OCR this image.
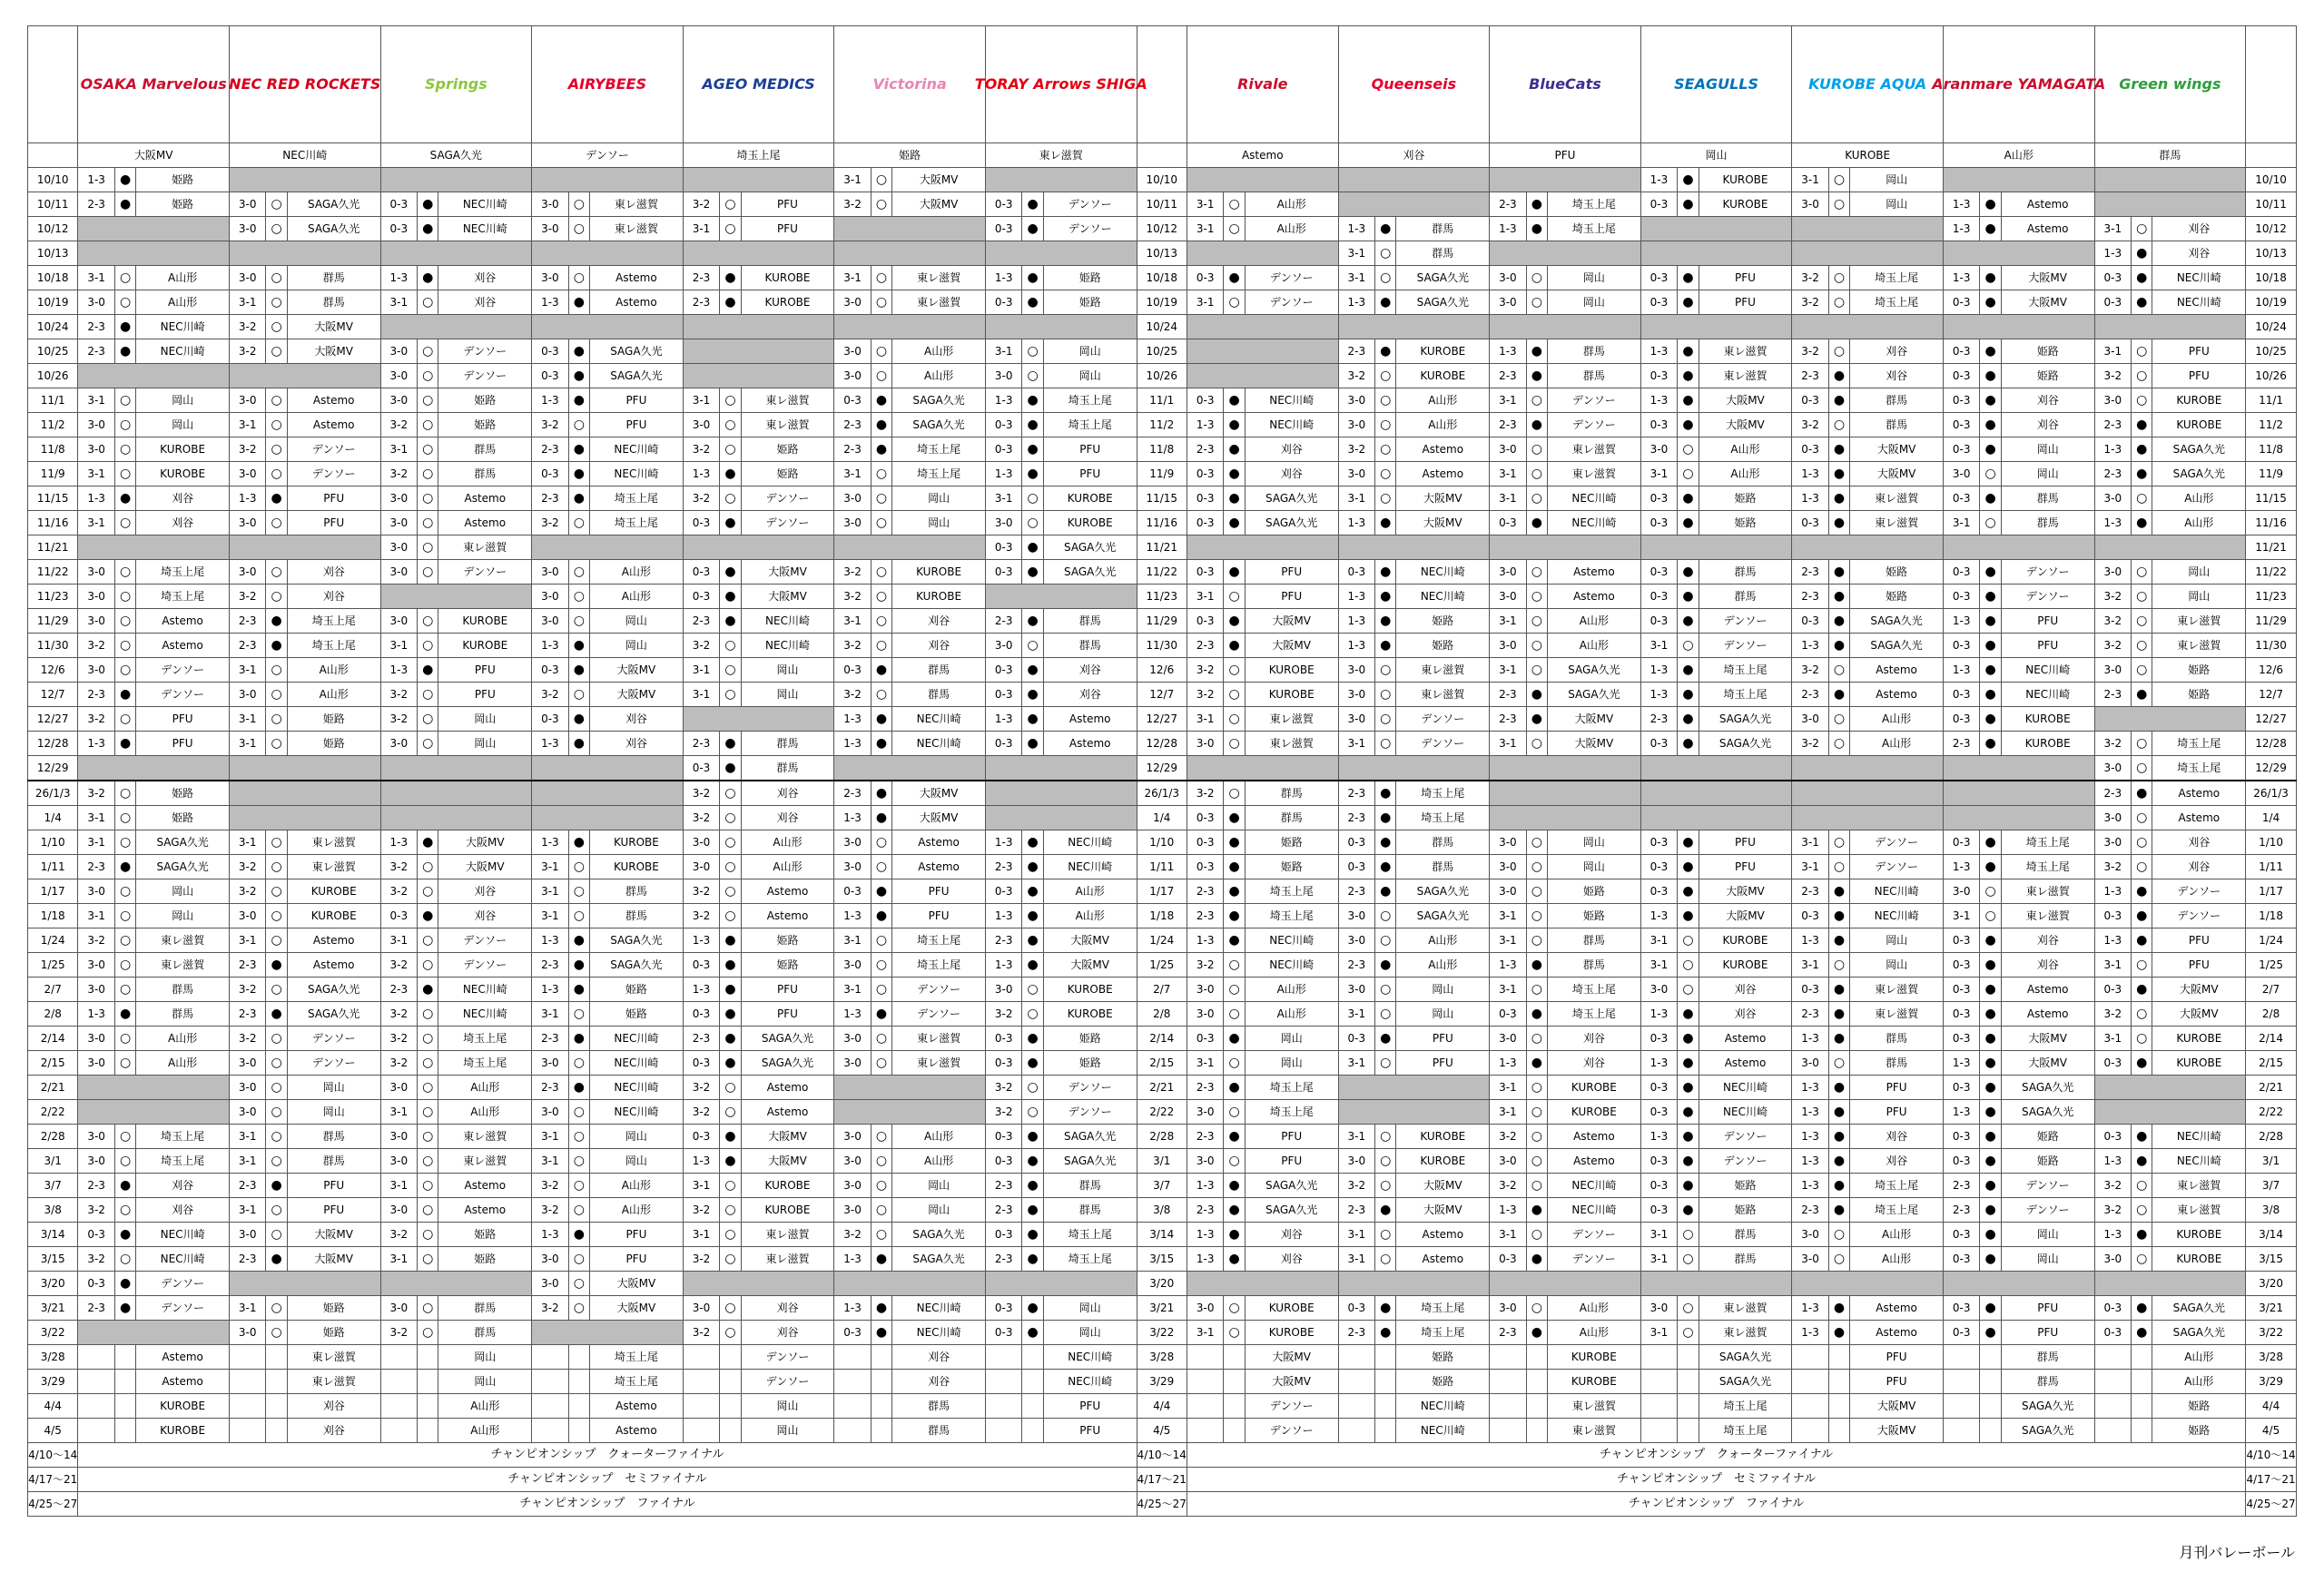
	OSAKA Marvelous			NEC RED ROCKETS			Springs			AIRYBEES			AGEO MEDICS			Victorina			TORAY Arrows SHIGA				Rivale			Queenseis			BlueCats			SEAGULLS			KUROBE AQUA			Aranmare YAMAGATA			Green wings			

	大阪MV			NEC川崎			SAGA久光			デンソー			埼玉上尾			姫路			東レ滋賀				Astemo			刈谷			PFU			岡山			KUROBE			A山形			群馬			
10/10	1-3	●	姫路													3-1	○	大阪MV				10/10										1-3	●	KUROBE	3-1	○	岡山							10/10
10/11	2-3	●	姫路	3-0	○	SAGA久光	0-3	●	NEC川崎	3-0	○	東レ滋賀	3-2	○	PFU	3-2	○	大阪MV	0-3	●	デンソー	10/11	3-1	○	A山形				2-3	●	埼玉上尾	0-3	●	KUROBE	3-0	○	岡山	1-3	●	Astemo				10/11
10/12				3-0	○	SAGA久光	0-3	●	NEC川崎	3-0	○	東レ滋賀	3-1	○	PFU				0-3	●	デンソー	10/12	3-1	○	A山形	1-3	●	群馬	1-3	●	埼玉上尾							1-3	●	Astemo	3-1	○	刈谷	10/12
10/13																						10/13				3-1	○	群馬													1-3	●	刈谷	10/13
10/18	3-1	○	A山形	3-0	○	群馬	1-3	●	刈谷	3-0	○	Astemo	2-3	●	KUROBE	3-1	○	東レ滋賀	1-3	●	姫路	10/18	0-3	●	デンソー	3-1	○	SAGA久光	3-0	○	岡山	0-3	●	PFU	3-2	○	埼玉上尾	1-3	●	大阪MV	0-3	●	NEC川崎	10/18
10/19	3-0	○	A山形	3-1	○	群馬	3-1	○	刈谷	1-3	●	Astemo	2-3	●	KUROBE	3-0	○	東レ滋賀	0-3	●	姫路	10/19	3-1	○	デンソー	1-3	●	SAGA久光	3-0	○	岡山	0-3	●	PFU	3-2	○	埼玉上尾	0-3	●	大阪MV	0-3	●	NEC川崎	10/19
10/24	2-3	●	NEC川崎	3-2	○	大阪MV																10/24																						10/24
10/25	2-3	●	NEC川崎	3-2	○	大阪MV	3-0	○	デンソー	0-3	●	SAGA久光				3-0	○	A山形	3-1	○	岡山	10/25				2-3	●	KUROBE	1-3	●	群馬	1-3	●	東レ滋賀	3-2	○	刈谷	0-3	●	姫路	3-1	○	PFU	10/25
10/26							3-0	○	デンソー	0-3	●	SAGA久光				3-0	○	A山形	3-0	○	岡山	10/26				3-2	○	KUROBE	2-3	●	群馬	0-3	●	東レ滋賀	2-3	●	刈谷	0-3	●	姫路	3-2	○	PFU	10/26
11/1	3-1	○	岡山	3-0	○	Astemo	3-0	○	姫路	1-3	●	PFU	3-1	○	東レ滋賀	0-3	●	SAGA久光	1-3	●	埼玉上尾	11/1	0-3	●	NEC川崎	3-0	○	A山形	3-1	○	デンソー	1-3	●	大阪MV	0-3	●	群馬	0-3	●	刈谷	3-0	○	KUROBE	11/1
11/2	3-0	○	岡山	3-1	○	Astemo	3-2	○	姫路	3-2	○	PFU	3-0	○	東レ滋賀	2-3	●	SAGA久光	0-3	●	埼玉上尾	11/2	1-3	●	NEC川崎	3-0	○	A山形	2-3	●	デンソー	0-3	●	大阪MV	3-2	○	群馬	0-3	●	刈谷	2-3	●	KUROBE	11/2
11/8	3-0	○	KUROBE	3-2	○	デンソー	3-1	○	群馬	2-3	●	NEC川崎	3-2	○	姫路	2-3	●	埼玉上尾	0-3	●	PFU	11/8	2-3	●	刈谷	3-2	○	Astemo	3-0	○	東レ滋賀	3-0	○	A山形	0-3	●	大阪MV	0-3	●	岡山	1-3	●	SAGA久光	11/8
11/9	3-1	○	KUROBE	3-0	○	デンソー	3-2	○	群馬	0-3	●	NEC川崎	1-3	●	姫路	3-1	○	埼玉上尾	1-3	●	PFU	11/9	0-3	●	刈谷	3-0	○	Astemo	3-1	○	東レ滋賀	3-1	○	A山形	1-3	●	大阪MV	3-0	○	岡山	2-3	●	SAGA久光	11/9
11/15	1-3	●	刈谷	1-3	●	PFU	3-0	○	Astemo	2-3	●	埼玉上尾	3-2	○	デンソー	3-0	○	岡山	3-1	○	KUROBE	11/15	0-3	●	SAGA久光	3-1	○	大阪MV	3-1	○	NEC川崎	0-3	●	姫路	1-3	●	東レ滋賀	0-3	●	群馬	3-0	○	A山形	11/15
11/16	3-1	○	刈谷	3-0	○	PFU	3-0	○	Astemo	3-2	○	埼玉上尾	0-3	●	デンソー	3-0	○	岡山	3-0	○	KUROBE	11/16	0-3	●	SAGA久光	1-3	●	大阪MV	0-3	●	NEC川崎	0-3	●	姫路	0-3	●	東レ滋賀	3-1	○	群馬	1-3	●	A山形	11/16
11/21							3-0	○	東レ滋賀										0-3	●	SAGA久光	11/21																						11/21
11/22	3-0	○	埼玉上尾	3-0	○	刈谷	3-0	○	デンソー	3-0	○	A山形	0-3	●	大阪MV	3-2	○	KUROBE	0-3	●	SAGA久光	11/22	0-3	●	PFU	0-3	●	NEC川崎	3-0	○	Astemo	0-3	●	群馬	2-3	●	姫路	0-3	●	デンソー	3-0	○	岡山	11/22
11/23	3-0	○	埼玉上尾	3-2	○	刈谷				3-0	○	A山形	0-3	●	大阪MV	3-2	○	KUROBE				11/23	3-1	○	PFU	1-3	●	NEC川崎	3-0	○	Astemo	0-3	●	群馬	2-3	●	姫路	0-3	●	デンソー	3-2	○	岡山	11/23
11/29	3-0	○	Astemo	2-3	●	埼玉上尾	3-0	○	KUROBE	3-0	○	岡山	2-3	●	NEC川崎	3-1	○	刈谷	2-3	●	群馬	11/29	0-3	●	大阪MV	1-3	●	姫路	3-1	○	A山形	0-3	●	デンソー	0-3	●	SAGA久光	1-3	●	PFU	3-2	○	東レ滋賀	11/29
11/30	3-2	○	Astemo	2-3	●	埼玉上尾	3-1	○	KUROBE	1-3	●	岡山	3-2	○	NEC川崎	3-2	○	刈谷	3-0	○	群馬	11/30	2-3	●	大阪MV	1-3	●	姫路	3-0	○	A山形	3-1	○	デンソー	1-3	●	SAGA久光	0-3	●	PFU	3-2	○	東レ滋賀	11/30
12/6	3-0	○	デンソー	3-1	○	A山形	1-3	●	PFU	0-3	●	大阪MV	3-1	○	岡山	0-3	●	群馬	0-3	●	刈谷	12/6	3-2	○	KUROBE	3-0	○	東レ滋賀	3-1	○	SAGA久光	1-3	●	埼玉上尾	3-2	○	Astemo	1-3	●	NEC川崎	3-0	○	姫路	12/6
12/7	2-3	●	デンソー	3-0	○	A山形	3-2	○	PFU	3-2	○	大阪MV	3-1	○	岡山	3-2	○	群馬	0-3	●	刈谷	12/7	3-2	○	KUROBE	3-0	○	東レ滋賀	2-3	●	SAGA久光	1-3	●	埼玉上尾	2-3	●	Astemo	0-3	●	NEC川崎	2-3	●	姫路	12/7
12/27	3-2	○	PFU	3-1	○	姫路	3-2	○	岡山	0-3	●	刈谷				1-3	●	NEC川崎	1-3	●	Astemo	12/27	3-1	○	東レ滋賀	3-0	○	デンソー	2-3	●	大阪MV	2-3	●	SAGA久光	3-0	○	A山形	0-3	●	KUROBE				12/27
12/28	1-3	●	PFU	3-1	○	姫路	3-0	○	岡山	1-3	●	刈谷	2-3	●	群馬	1-3	●	NEC川崎	0-3	●	Astemo	12/28	3-0	○	東レ滋賀	3-1	○	デンソー	3-1	○	大阪MV	0-3	●	SAGA久光	3-2	○	A山形	2-3	●	KUROBE	3-2	○	埼玉上尾	12/28
12/29													0-3	●	群馬							12/29																			3-0	○	埼玉上尾	12/29
26/1/3	3-2	○	姫路										3-2	○	刈谷	2-3	●	大阪MV				26/1/3	3-2	○	群馬	2-3	●	埼玉上尾													2-3	●	Astemo	26/1/3
1/4	3-1	○	姫路										3-2	○	刈谷	1-3	●	大阪MV				1/4	0-3	●	群馬	2-3	●	埼玉上尾													3-0	○	Astemo	1/4
1/10	3-1	○	SAGA久光	3-1	○	東レ滋賀	1-3	●	大阪MV	1-3	●	KUROBE	3-0	○	A山形	3-0	○	Astemo	1-3	●	NEC川崎	1/10	0-3	●	姫路	0-3	●	群馬	3-0	○	岡山	0-3	●	PFU	3-1	○	デンソー	0-3	●	埼玉上尾	3-0	○	刈谷	1/10
1/11	2-3	●	SAGA久光	3-2	○	東レ滋賀	3-2	○	大阪MV	3-1	○	KUROBE	3-0	○	A山形	3-0	○	Astemo	2-3	●	NEC川崎	1/11	0-3	●	姫路	0-3	●	群馬	3-0	○	岡山	0-3	●	PFU	3-1	○	デンソー	1-3	●	埼玉上尾	3-2	○	刈谷	1/11
1/17	3-0	○	岡山	3-2	○	KUROBE	3-2	○	刈谷	3-1	○	群馬	3-2	○	Astemo	0-3	●	PFU	0-3	●	A山形	1/17	2-3	●	埼玉上尾	2-3	●	SAGA久光	3-0	○	姫路	0-3	●	大阪MV	2-3	●	NEC川崎	3-0	○	東レ滋賀	1-3	●	デンソー	1/17
1/18	3-1	○	岡山	3-0	○	KUROBE	0-3	●	刈谷	3-1	○	群馬	3-2	○	Astemo	1-3	●	PFU	1-3	●	A山形	1/18	2-3	●	埼玉上尾	3-0	○	SAGA久光	3-1	○	姫路	1-3	●	大阪MV	0-3	●	NEC川崎	3-1	○	東レ滋賀	0-3	●	デンソー	1/18
1/24	3-2	○	東レ滋賀	3-1	○	Astemo	3-1	○	デンソー	1-3	●	SAGA久光	1-3	●	姫路	3-1	○	埼玉上尾	2-3	●	大阪MV	1/24	1-3	●	NEC川崎	3-0	○	A山形	3-1	○	群馬	3-1	○	KUROBE	1-3	●	岡山	0-3	●	刈谷	1-3	●	PFU	1/24
1/25	3-0	○	東レ滋賀	2-3	●	Astemo	3-2	○	デンソー	2-3	●	SAGA久光	0-3	●	姫路	3-0	○	埼玉上尾	1-3	●	大阪MV	1/25	3-2	○	NEC川崎	2-3	●	A山形	1-3	●	群馬	3-1	○	KUROBE	3-1	○	岡山	0-3	●	刈谷	3-1	○	PFU	1/25
2/7	3-0	○	群馬	3-2	○	SAGA久光	2-3	●	NEC川崎	1-3	●	姫路	1-3	●	PFU	3-1	○	デンソー	3-0	○	KUROBE	2/7	3-0	○	A山形	3-0	○	岡山	3-1	○	埼玉上尾	3-0	○	刈谷	0-3	●	東レ滋賀	0-3	●	Astemo	0-3	●	大阪MV	2/7
2/8	1-3	●	群馬	2-3	●	SAGA久光	3-2	○	NEC川崎	3-1	○	姫路	0-3	●	PFU	1-3	●	デンソー	3-2	○	KUROBE	2/8	3-0	○	A山形	3-1	○	岡山	0-3	●	埼玉上尾	1-3	●	刈谷	2-3	●	東レ滋賀	0-3	●	Astemo	3-2	○	大阪MV	2/8
2/14	3-0	○	A山形	3-2	○	デンソー	3-2	○	埼玉上尾	2-3	●	NEC川崎	2-3	●	SAGA久光	3-0	○	東レ滋賀	0-3	●	姫路	2/14	0-3	●	岡山	0-3	●	PFU	3-0	○	刈谷	0-3	●	Astemo	1-3	●	群馬	0-3	●	大阪MV	3-1	○	KUROBE	2/14
2/15	3-0	○	A山形	3-0	○	デンソー	3-2	○	埼玉上尾	3-0	○	NEC川崎	0-3	●	SAGA久光	3-0	○	東レ滋賀	0-3	●	姫路	2/15	3-1	○	岡山	3-1	○	PFU	1-3	●	刈谷	1-3	●	Astemo	3-0	○	群馬	1-3	●	大阪MV	0-3	●	KUROBE	2/15
2/21				3-0	○	岡山	3-0	○	A山形	2-3	●	NEC川崎	3-2	○	Astemo				3-2	○	デンソー	2/21	2-3	●	埼玉上尾				3-1	○	KUROBE	0-3	●	NEC川崎	1-3	●	PFU	0-3	●	SAGA久光				2/21
2/22				3-0	○	岡山	3-1	○	A山形	3-0	○	NEC川崎	3-2	○	Astemo				3-2	○	デンソー	2/22	3-0	○	埼玉上尾				3-1	○	KUROBE	0-3	●	NEC川崎	1-3	●	PFU	1-3	●	SAGA久光				2/22
2/28	3-0	○	埼玉上尾	3-1	○	群馬	3-0	○	東レ滋賀	3-1	○	岡山	0-3	●	大阪MV	3-0	○	A山形	0-3	●	SAGA久光	2/28	2-3	●	PFU	3-1	○	KUROBE	3-2	○	Astemo	1-3	●	デンソー	1-3	●	刈谷	0-3	●	姫路	0-3	●	NEC川崎	2/28
3/1	3-0	○	埼玉上尾	3-1	○	群馬	3-0	○	東レ滋賀	3-1	○	岡山	1-3	●	大阪MV	3-0	○	A山形	0-3	●	SAGA久光	3/1	3-0	○	PFU	3-0	○	KUROBE	3-0	○	Astemo	0-3	●	デンソー	1-3	●	刈谷	0-3	●	姫路	1-3	●	NEC川崎	3/1
3/7	2-3	●	刈谷	2-3	●	PFU	3-1	○	Astemo	3-2	○	A山形	3-1	○	KUROBE	3-0	○	岡山	2-3	●	群馬	3/7	1-3	●	SAGA久光	3-2	○	大阪MV	3-2	○	NEC川崎	0-3	●	姫路	1-3	●	埼玉上尾	2-3	●	デンソー	3-2	○	東レ滋賀	3/7
3/8	3-2	○	刈谷	3-1	○	PFU	3-0	○	Astemo	3-2	○	A山形	3-2	○	KUROBE	3-0	○	岡山	2-3	●	群馬	3/8	2-3	●	SAGA久光	2-3	●	大阪MV	1-3	●	NEC川崎	0-3	●	姫路	2-3	●	埼玉上尾	2-3	●	デンソー	3-2	○	東レ滋賀	3/8
3/14	0-3	●	NEC川崎	3-0	○	大阪MV	3-2	○	姫路	1-3	●	PFU	3-1	○	東レ滋賀	3-2	○	SAGA久光	0-3	●	埼玉上尾	3/14	1-3	●	刈谷	3-1	○	Astemo	3-1	○	デンソー	3-1	○	群馬	3-0	○	A山形	0-3	●	岡山	1-3	●	KUROBE	3/14
3/15	3-2	○	NEC川崎	2-3	●	大阪MV	3-1	○	姫路	3-0	○	PFU	3-2	○	東レ滋賀	1-3	●	SAGA久光	2-3	●	埼玉上尾	3/15	1-3	●	刈谷	3-1	○	Astemo	0-3	●	デンソー	3-1	○	群馬	3-0	○	A山形	0-3	●	岡山	3-0	○	KUROBE	3/15
3/20	0-3	●	デンソー							3-0	○	大阪MV										3/20																						3/20
3/21	2-3	●	デンソー	3-1	○	姫路	3-0	○	群馬	3-2	○	大阪MV	3-0	○	刈谷	1-3	●	NEC川崎	0-3	●	岡山	3/21	3-0	○	KUROBE	0-3	●	埼玉上尾	3-0	○	A山形	3-0	○	東レ滋賀	1-3	●	Astemo	0-3	●	PFU	0-3	●	SAGA久光	3/21
3/22				3-0	○	姫路	3-2	○	群馬				3-2	○	刈谷	0-3	●	NEC川崎	0-3	●	岡山	3/22	3-1	○	KUROBE	2-3	●	埼玉上尾	2-3	●	A山形	3-1	○	東レ滋賀	1-3	●	Astemo	0-3	●	PFU	0-3	●	SAGA久光	3/22
3/28			Astemo			東レ滋賀			岡山			埼玉上尾			デンソー			刈谷			NEC川崎	3/28			大阪MV			姫路			KUROBE			SAGA久光			PFU			群馬			A山形	3/28
3/29			Astemo			東レ滋賀			岡山			埼玉上尾			デンソー			刈谷			NEC川崎	3/29			大阪MV			姫路			KUROBE			SAGA久光			PFU			群馬			A山形	3/29
4/4			KUROBE			刈谷			A山形			Astemo			岡山			群馬			PFU	4/4			デンソー			NEC川崎			東レ滋賀			埼玉上尾			大阪MV			SAGA久光			姫路	4/4
4/5			KUROBE			刈谷			A山形			Astemo			岡山			群馬			PFU	4/5			デンソー			NEC川崎			東レ滋賀			埼玉上尾			大阪MV			SAGA久光			姫路	4/5
4/10～14	チャンピオンシップ　クォーターファイナル																					4/10～14	チャンピオンシップ　クォーターファイナル																					4/10～14
4/17～21	チャンピオンシップ　セミファイナル																					4/17～21	チャンピオンシップ　セミファイナル																					4/17～21
4/25～27	チャンピオンシップ　ファイナル																					4/25～27	チャンピオンシップ　ファイナル																					4/25～27
月刊バレーボール
